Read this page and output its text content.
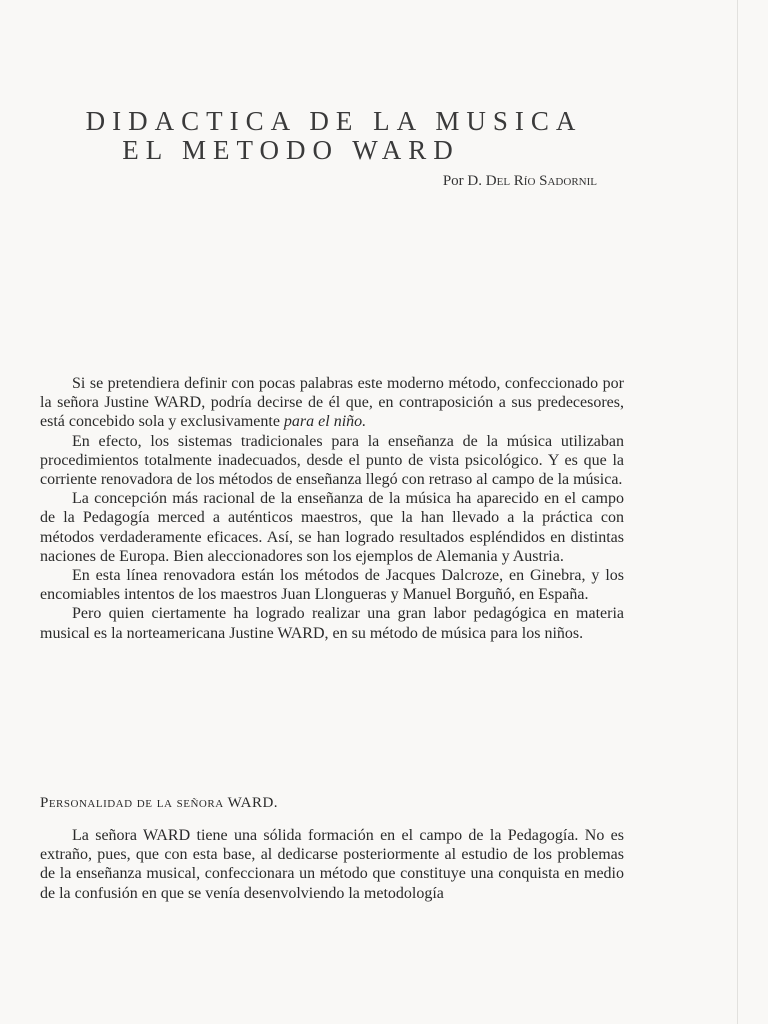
DIDACTICA DE LA MUSICA
EL METODO WARD
Por D. Del Río Sadornil

Si se pretendiera definir con pocas palabras este moderno método, confeccionado por la señora Justine WARD, podría decirse de él que, en contraposición a sus predecesores, está concebido sola y exclusivamente para el niño.

En efecto, los sistemas tradicionales para la enseñanza de la música utilizaban procedimientos totalmente inadecuados, desde el punto de vista psicológico. Y es que la corriente renovadora de los métodos de enseñanza llegó con retraso al campo de la música.

La concepción más racional de la enseñanza de la música ha aparecido en el campo de la Pedagogía merced a auténticos maestros, que la han llevado a la práctica con métodos verdaderamente eficaces. Así, se han logrado resultados espléndidos en distintas naciones de Europa. Bien aleccionadores son los ejemplos de Alemania y Austria.

En esta línea renovadora están los métodos de Jacques Dalcroze, en Ginebra, y los encomiables intentos de los maestros Juan Llongueras y Manuel Borguñó, en España.

Pero quien ciertamente ha logrado realizar una gran labor pedagógica en materia musical es la norteamericana Justine WARD, en su método de música para los niños.

Personalidad de la señora WARD.

La señora WARD tiene una sólida formación en el campo de la Pedagogía. No es extraño, pues, que con esta base, al dedicarse posteriormente al estudio de los problemas de la enseñanza musical, confeccionara un método que constituye una conquista en medio de la confusión en que se venía desenvolviendo la metodología
